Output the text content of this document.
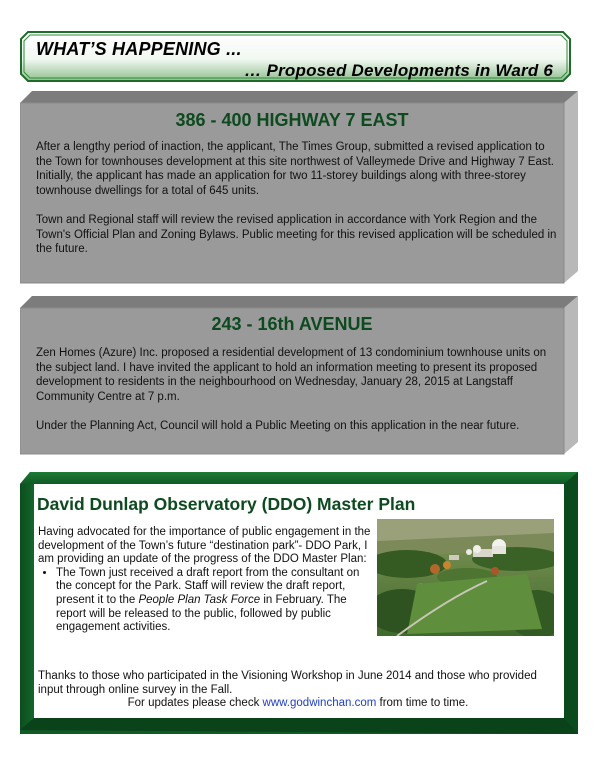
WHAT’S HAPPENING ...
… Proposed Developments in Ward 6
386 - 400 HIGHWAY 7 EAST

After a lengthy period of inaction, the applicant, The Times Group, submitted a revised application to the Town for townhouses development at this site northwest of Valleymede Drive and Highway 7 East. Initially, the applicant has made an application for two 11-storey buildings along with three-storey townhouse dwellings for a total of 645 units.

Town and Regional staff will review the revised application in accordance with York Region and the Town's Official Plan and Zoning Bylaws. Public meeting for this revised application will be scheduled in the future.

243 - 16th AVENUE

Zen Homes (Azure) Inc. proposed a residential development of 13 condominium townhouse units on the subject land. I have invited the applicant to hold an information meeting to present its proposed development to residents in the neighbourhood on Wednesday, January 28, 2015 at Langstaff Community Centre at 7 p.m.

Under the Planning Act, Council will hold a Public Meeting on this application in the near future.

David Dunlap Observatory (DDO) Master Plan
Having advocated for the importance of public engagement in the development of the Town’s future “destination park”- DDO Park, I am providing an update of the progress of the DDO Master Plan:
• The Town just received a draft report from the consultant on the concept for the Park. Staff will review the draft report, present it to the People Plan Task Force in February. The report will be released to the public, followed by public engagement activities.
Thanks to those who participated in the Visioning Workshop in June 2014 and those who provided input through online survey in the Fall.
For updates please check www.godwinchan.com from time to time.
